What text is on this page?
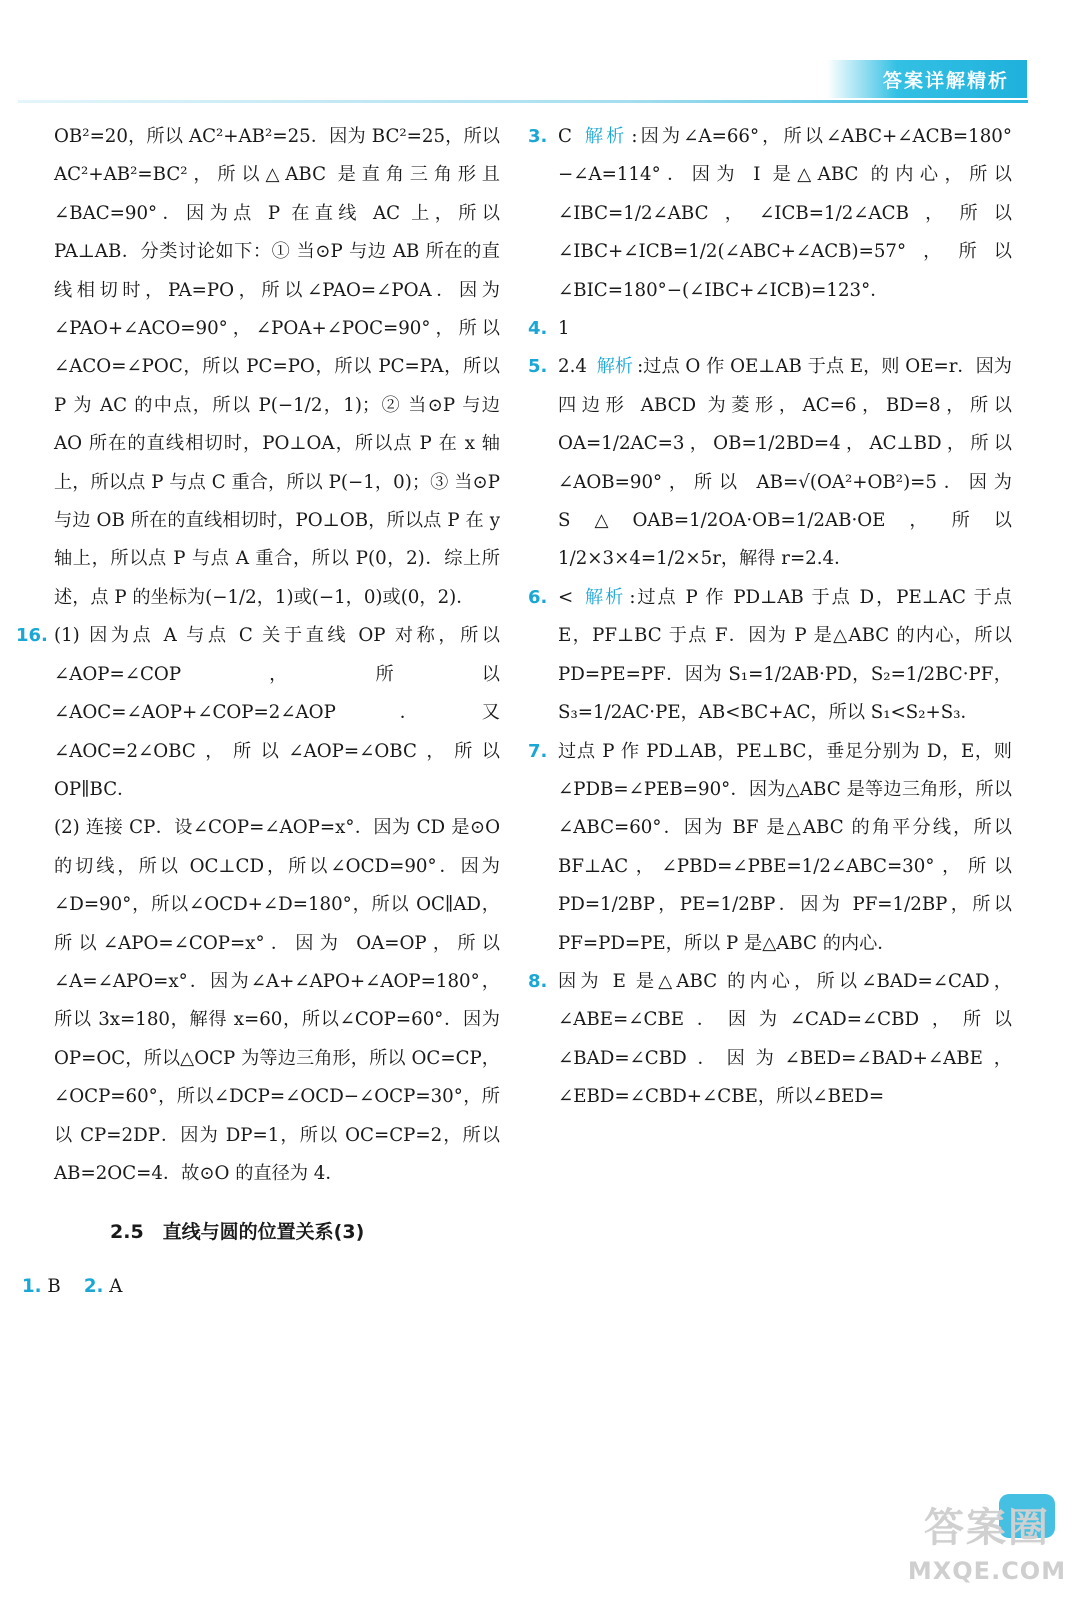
答案详解精析
OB²=20，所以 AC²+AB²=25．因为 BC²=25，所以 AC²+AB²=BC²，所以△ABC 是直角三角形且∠BAC=90°．因为点 P 在直线 AC 上，所以 PA⊥AB．分类讨论如下：① 当⊙P 与边 AB 所在的直线相切时，PA=PO，所以∠PAO=∠POA．因为∠PAO+∠ACO=90°，∠POA+∠POC=90°，所以∠ACO=∠POC，所以 PC=PO，所以 PC=PA，所以 P 为 AC 的中点，所以 P(−1/2，1)；② 当⊙P 与边 AO 所在的直线相切时，PO⊥OA，所以点 P 在 x 轴上，所以点 P 与点 C 重合，所以 P(−1，0)；③ 当⊙P 与边 OB 所在的直线相切时，PO⊥OB，所以点 P 在 y 轴上，所以点 P 与点 A 重合，所以 P(0，2)．综上所述，点 P 的坐标为(−1/2，1)或(−1，0)或(0，2)．
16. (1) 因为点 A 与点 C 关于直线 OP 对称，所以∠AOP=∠COP，所以∠AOC=∠AOP+∠COP=2∠AOP．又∠AOC=2∠OBC，所以∠AOP=∠OBC，所以 OP∥BC．
(2) 连接 CP．设∠COP=∠AOP=x°．因为 CD 是⊙O 的切线，所以 OC⊥CD，所以∠OCD=90°．因为∠D=90°，所以∠OCD+∠D=180°，所以 OC∥AD，所以∠APO=∠COP=x°．因为 OA=OP，所以∠A=∠APO=x°．因为∠A+∠APO+∠AOP=180°，所以 3x=180，解得 x=60，所以∠COP=60°．因为 OP=OC，所以△OCP 为等边三角形，所以 OC=CP，∠OCP=60°，所以∠DCP=∠OCD−∠OCP=30°，所以 CP=2DP．因为 DP=1，所以 OC=CP=2，所以 AB=2OC=4．故⊙O 的直径为 4．
2.5　直线与圆的位置关系(3)
1. B 2. A
3. C 解析 :因为∠A=66°，所以∠ABC+∠ACB=180°−∠A=114°．因为 I 是△ABC 的内心，所以∠IBC=1/2∠ABC，∠ICB=1/2∠ACB，所以∠IBC+∠ICB=1/2(∠ABC+∠ACB)=57°，所以∠BIC=180°−(∠IBC+∠ICB)=123°．
4. 1
5. 2.4 解析 :过点 O 作 OE⊥AB 于点 E，则 OE=r．因为四边形 ABCD 为菱形，AC=6，BD=8，所以 OA=1/2AC=3，OB=1/2BD=4，AC⊥BD，所以∠AOB=90°，所以 AB=√(OA²+OB²)=5．因为 S△OAB=1/2OA·OB=1/2AB·OE，所以 1/2×3×4=1/2×5r，解得 r=2.4．
6. < 解析 :过点 P 作 PD⊥AB 于点 D，PE⊥AC 于点 E，PF⊥BC 于点 F．因为 P 是△ABC 的内心，所以 PD=PE=PF．因为 S₁=1/2AB·PD，S₂=1/2BC·PF，S₃=1/2AC·PE，AB<BC+AC，所以 S₁<S₂+S₃．
7. 过点 P 作 PD⊥AB，PE⊥BC，垂足分别为 D，E，则∠PDB=∠PEB=90°．因为△ABC 是等边三角形，所以∠ABC=60°．因为 BF 是△ABC 的角平分线，所以 BF⊥AC，∠PBD=∠PBE=1/2∠ABC=30°，所以 PD=1/2BP，PE=1/2BP．因为 PF=1/2BP，所以 PF=PD=PE，所以 P 是△ABC 的内心．
8. 因为 E 是△ABC 的内心，所以∠BAD=∠CAD，∠ABE=∠CBE．因为∠CAD=∠CBD，所以∠BAD=∠CBD．因为∠BED=∠BAD+∠ABE，∠EBD=∠CBD+∠CBE，所以∠BED=
答案圈
MXQE.COM
